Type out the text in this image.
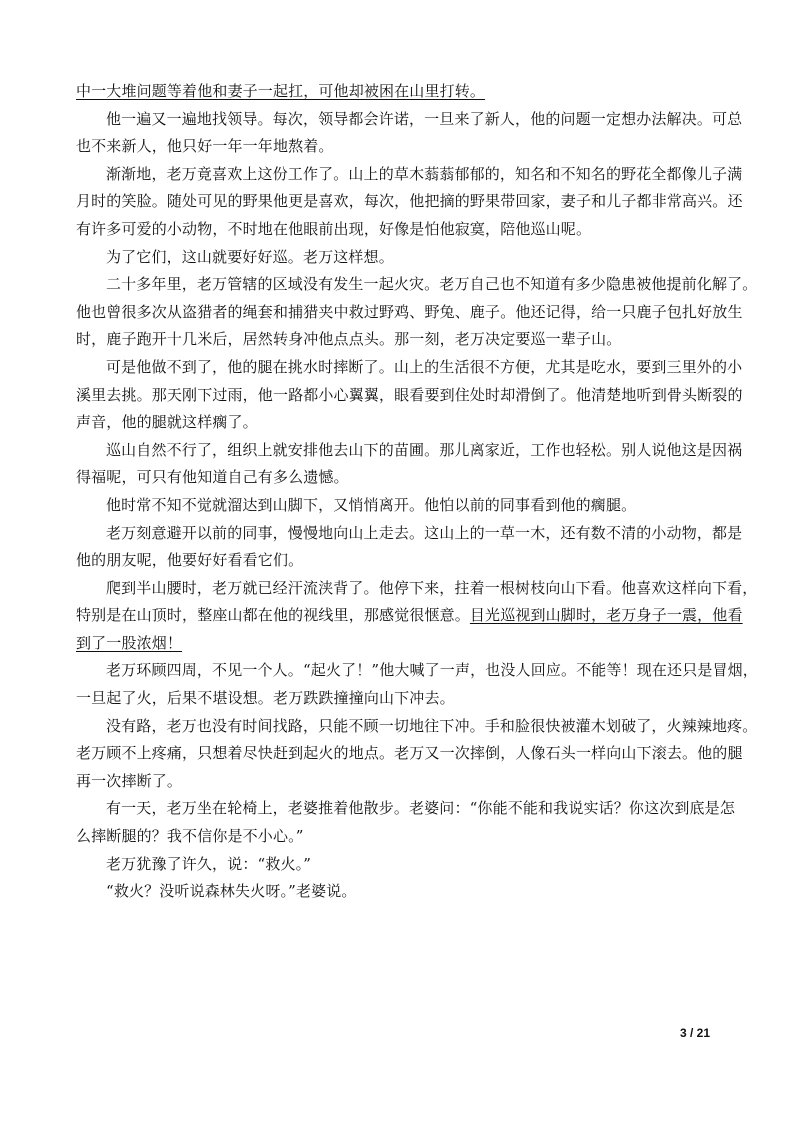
中一大堆问题等着他和妻子一起扛，可他却被困在山里打转。

他一遍又一遍地找领导。每次，领导都会许诺，一旦来了新人，他的问题一定想办法解决。可总

也不来新人，他只好一年一年地熬着。

渐渐地，老万竟喜欢上这份工作了。山上的草木蓊蓊郁郁的，知名和不知名的野花全都像儿子满

月时的笑脸。随处可见的野果他更是喜欢，每次，他把摘的野果带回家，妻子和儿子都非常高兴。还

有许多可爱的小动物，不时地在他眼前出现，好像是怕他寂寞，陪他巡山呢。

为了它们，这山就要好好巡。老万这样想。

二十多年里，老万管辖的区域没有发生一起火灾。老万自己也不知道有多少隐患被他提前化解了。

他也曾很多次从盗猎者的绳套和捕猎夹中救过野鸡、野兔、鹿子。他还记得，给一只鹿子包扎好放生

时，鹿子跑开十几米后，居然转身冲他点点头。那一刻，老万决定要巡一辈子山。

可是他做不到了，他的腿在挑水时摔断了。山上的生活很不方便，尤其是吃水，要到三里外的小

溪里去挑。那天刚下过雨，他一路都小心翼翼，眼看要到住处时却滑倒了。他清楚地听到骨头断裂的

声音，他的腿就这样瘸了。

巡山自然不行了，组织上就安排他去山下的苗圃。那儿离家近，工作也轻松。别人说他这是因祸

得福呢，可只有他知道自己有多么遗憾。

他时常不知不觉就溜达到山脚下，又悄悄离开。他怕以前的同事看到他的瘸腿。

老万刻意避开以前的同事，慢慢地向山上走去。这山上的一草一木，还有数不清的小动物，都是

他的朋友呢，他要好好看看它们。

爬到半山腰时，老万就已经汗流浃背了。他停下来，拄着一根树枝向山下看。他喜欢这样向下看，

特别是在山顶时，整座山都在他的视线里，那感觉很惬意。目光巡视到山脚时，老万身子一震，他看

到了一股浓烟！

老万环顾四周，不见一个人。“起火了！”他大喊了一声，也没人回应。不能等！现在还只是冒烟，

一旦起了火，后果不堪设想。老万跌跌撞撞向山下冲去。

没有路，老万也没有时间找路，只能不顾一切地往下冲。手和脸很快被灌木划破了，火辣辣地疼。

老万顾不上疼痛，只想着尽快赶到起火的地点。老万又一次摔倒，人像石头一样向山下滚去。他的腿

再一次摔断了。

有一天，老万坐在轮椅上，老婆推着他散步。老婆问：“你能不能和我说实话？你这次到底是怎

么摔断腿的？我不信你是不小心。”

老万犹豫了许久，说：“救火。”

“救火？没听说森林失火呀。”老婆说。

3 / 21
